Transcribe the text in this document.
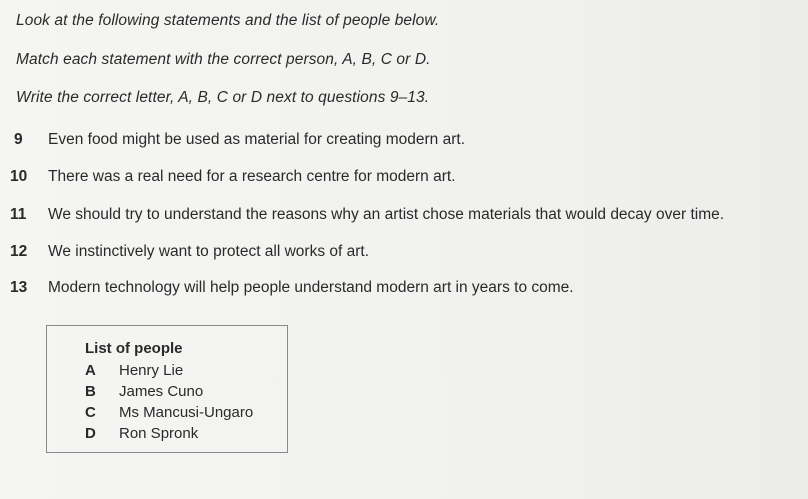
Look at the following statements and the list of people below.
Match each statement with the correct person, A, B, C or D.
Write the correct letter, A, B, C or D next to questions 9–13.
9	Even food might be used as material for creating modern art.
10	There was a real need for a research centre for modern art.
11	We should try to understand the reasons why an artist chose materials that would decay over time.
12	We instinctively want to protect all works of art.
13	Modern technology will help people understand modern art in years to come.
List of people
A	Henry Lie
B	James Cuno
C	Ms Mancusi-Ungaro
D	Ron Spronk
